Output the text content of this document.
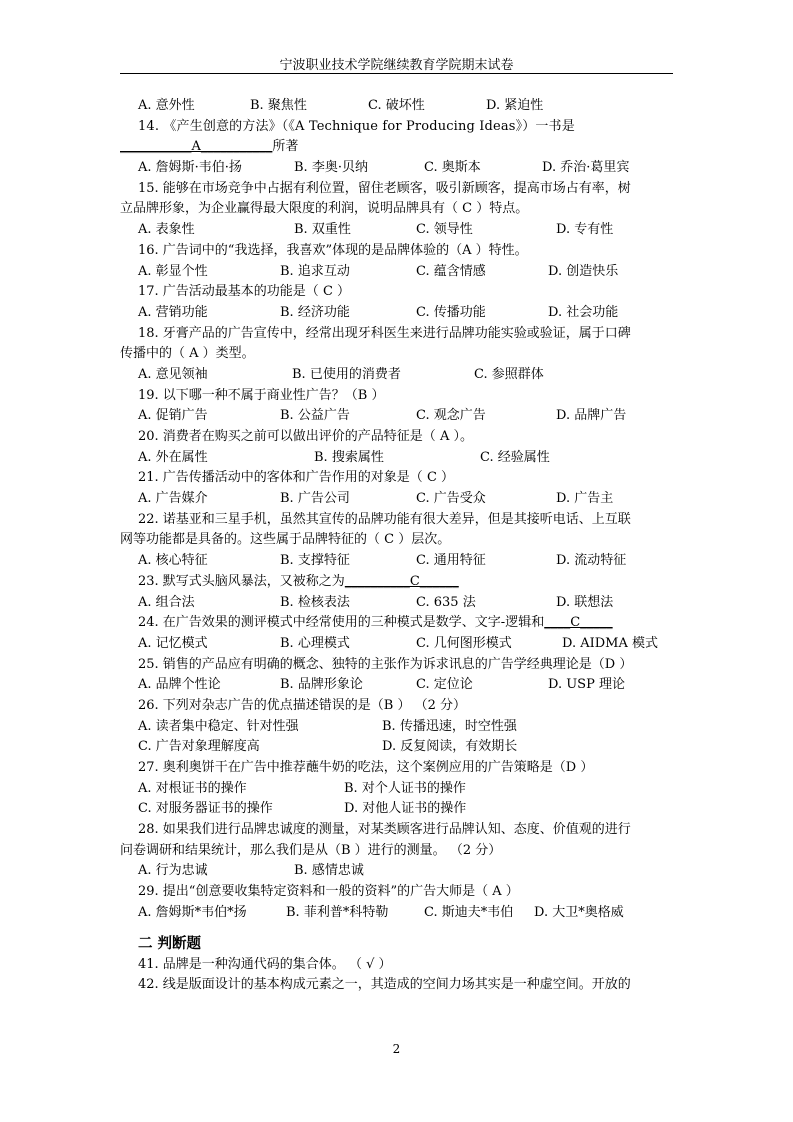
宁波职业技术学院继续教育学院期末试卷
A. 意外性	B. 聚焦性	C. 破坏性	D. 紧迫性
14. 《产生创意的方法》（《A Technique for Producing Ideas》）一书是
___________A___________所著
A. 詹姆斯·韦伯·扬	B. 李奥·贝纳	C. 奥斯本	D. 乔治·葛里宾
15. 能够在市场竞争中占据有利位置，留住老顾客，吸引新顾客，提高市场占有率，树
立品牌形象，为企业赢得最大限度的利润，说明品牌具有（ C ）特点。
A. 表象性	B. 双重性	C. 领导性	D. 专有性
16. 广告词中的“我选择，我喜欢”体现的是品牌体验的（A ）特性。
A. 彰显个性	B. 追求互动	C. 蕴含情感	D. 创造快乐
17. 广告活动最基本的功能是（ C ）
A. 营销功能	B. 经济功能	C. 传播功能	D. 社会功能
18. 牙膏产品的广告宣传中，经常出现牙科医生来进行品牌功能实验或验证，属于口碑
传播中的（ A ）类型。
A. 意见领袖	B. 已使用的消费者	C. 参照群体
19. 以下哪一种不属于商业性广告？（B ）
A. 促销广告	B. 公益广告	C. 观念广告	D. 品牌广告
20. 消费者在购买之前可以做出评价的产品特征是（ A ）。
A. 外在属性	B. 搜索属性	C. 经验属性
21. 广告传播活动中的客体和广告作用的对象是（ C ）
A. 广告媒介	B. 广告公司	C. 广告受众	D. 广告主
22. 诺基亚和三星手机，虽然其宣传的品牌功能有很大差异，但是其接听电话、上互联
网等功能都是具备的。这些属于品牌特征的（ C ）层次。
A. 核心特征	B. 支撑特征	C. 通用特征	D. 流动特征
23. 默写式头脑风暴法，又被称之为__________C______
A. 组合法	B. 检核表法	C. 635 法	D. 联想法
24. 在广告效果的测评模式中经常使用的三种模式是数学、文字-逻辑和____C_____
A. 记忆模式	B. 心理模式	C. 几何图形模式	D. AIDMA 模式
25. 销售的产品应有明确的概念、独特的主张作为诉求讯息的广告学经典理论是（D ）
A. 品牌个性论	B. 品牌形象论	C. 定位论	D. USP 理论
26. 下列对杂志广告的优点描述错误的是（B ） （2 分）
A. 读者集中稳定、针对性强	B. 传播迅速，时空性强
C. 广告对象理解度高	D. 反复阅读，有效期长
27. 奥利奥饼干在广告中推荐蘸牛奶的吃法，这个案例应用的广告策略是（D ）
A. 对根证书的操作	B. 对个人证书的操作
C. 对服务器证书的操作	D. 对他人证书的操作
28. 如果我们进行品牌忠诚度的测量，对某类顾客进行品牌认知、态度、价值观的进行
问卷调研和结果统计，那么我们是从（B ）进行的测量。 （2 分）
A. 行为忠诚	B. 感情忠诚
29. 提出“创意要收集特定资料和一般的资料”的广告大师是（ A ）
A. 詹姆斯*韦伯*扬	B. 菲利普*科特勒	C. 斯迪夫*韦伯 D. 大卫*奥格威
二 判断题
41. 品牌是一种沟通代码的集合体。 （ √ ）
42. 线是版面设计的基本构成元素之一，其造成的空间力场其实是一种虚空间。开放的
2
